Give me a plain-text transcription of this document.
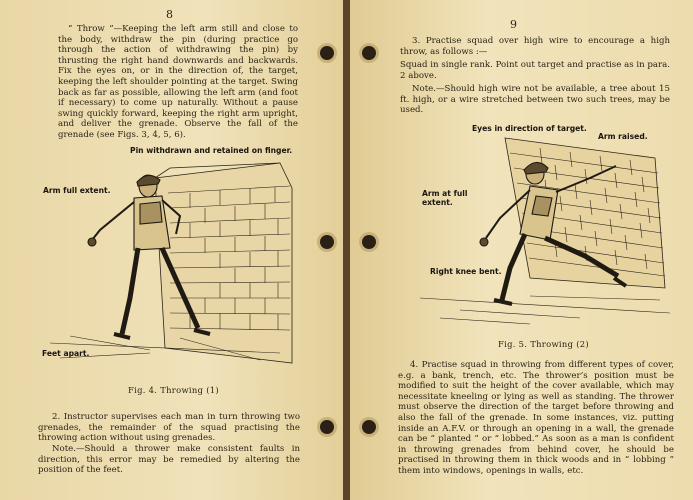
8

“ Throw ”—Keeping the left arm still and close to the body, withdraw the pin (during practice go through the action of withdrawing the pin) by thrusting the right hand downwards and backwards. Fix the eyes on, or in the direction of, the target, keeping the left shoulder pointing at the target. Swing back as far as possible, allowing the left arm (and foot if necessary) to come up naturally. Without a pause swing quickly forward, keeping the right arm upright, and deliver the grenade. Observe the fall of the grenade (see Figs. 3, 4, 5, 6).

Pin withdrawn and retained on finger.
Arm full extent.
Feet apart.
Fig. 4. Throwing (1)

2. Instructor supervises each man in turn throwing two grenades, the remainder of the squad practising the throwing action without using grenades.

Note.—Should a thrower make consistent faults in direction, this error may be remedied by altering the position of the feet.

9

3. Practise squad over high wire to encourage a high throw, as follows :—

Squad in single rank. Point out target and practise as in para. 2 above.

Note.—Should high wire not be available, a tree about 15 ft. high, or a wire stretched between two such trees, may be used.

Eyes in direction of target.
Arm raised.
Arm at full extent.
Right knee bent.
Fig. 5. Throwing (2)

4. Practise squad in throwing from different types of cover, e.g. a bank, trench, etc. The thrower’s position must be modified to suit the height of the cover available, which may necessitate kneeling or lying as well as standing. The thrower must observe the direction of the target before throwing and also the fall of the grenade. In some instances, viz. putting inside an A.F.V. or through an opening in a wall, the grenade can be “ planted ” or “ lobbed.” As soon as a man is confident in throwing grenades from behind cover, he should be practised in throwing them in thick woods and in “ lobbing ” them into windows, openings in walls, etc.
